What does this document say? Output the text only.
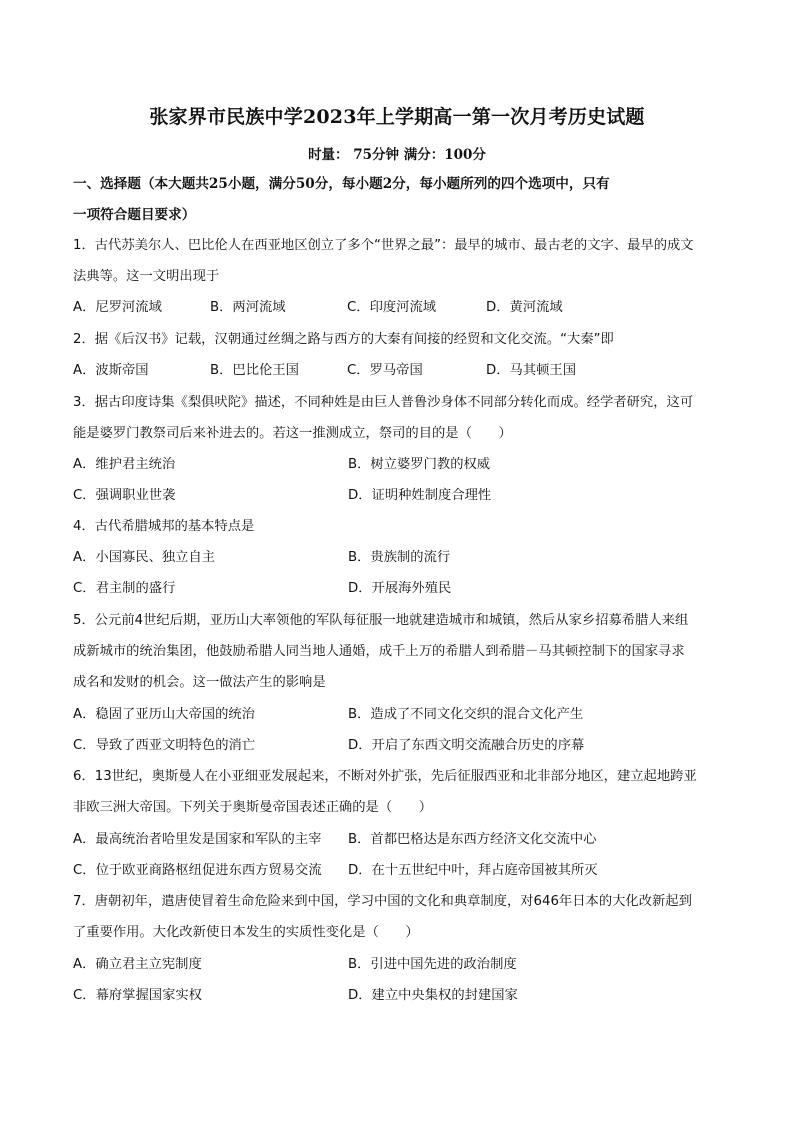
张家界市民族中学2023年上学期高一第一次月考历史试题
时量： 75分钟 满分：100分
一、选择题（本大题共25小题，满分50分，每小题2分，每小题所列的四个选项中，只有
一项符合题目要求）
1．古代苏美尔人、巴比伦人在西亚地区创立了多个“世界之最”：最早的城市、最古老的文字、最早的成文
法典等。这一文明出现于
A．尼罗河流域	B．两河流域	C．印度河流域	D．黄河流域
2．据《后汉书》记载，汉朝通过丝绸之路与西方的大秦有间接的经贸和文化交流。“大秦”即
A．波斯帝国	B．巴比伦王国	C．罗马帝国	D．马其顿王国
3．据古印度诗集《梨俱吠陀》描述，不同种姓是由巨人普鲁沙身体不同部分转化而成。经学者研究，这可
能是婆罗门教祭司后来补进去的。若这一推测成立，祭司的目的是（　　）
A．维护君主统治	B．树立婆罗门教的权威
C．强调职业世袭	D．证明种姓制度合理性
4．古代希腊城邦的基本特点是
A．小国寡民、独立自主	B．贵族制的流行
C．君主制的盛行	D．开展海外殖民
5．公元前4世纪后期，亚历山大率领他的军队每征服一地就建造城市和城镇，然后从家乡招募希腊人来组
成新城市的统治集团，他鼓励希腊人同当地人通婚，成千上万的希腊人到希腊－马其顿控制下的国家寻求
成名和发财的机会。这一做法产生的影响是
A．稳固了亚历山大帝国的统治	B．造成了不同文化交织的混合文化产生
C．导致了西亚文明特色的消亡	D．开启了东西文明交流融合历史的序幕
6．13世纪，奥斯曼人在小亚细亚发展起来，不断对外扩张，先后征服西亚和北非部分地区，建立起地跨亚
非欧三洲大帝国。下列关于奥斯曼帝国表述正确的是（　　）
A．最高统治者哈里发是国家和军队的主宰 B．首都巴格达是东西方经济文化交流中心
C．位于欧亚商路枢纽促进东西方贸易交流 D．在十五世纪中叶，拜占庭帝国被其所灭
7．唐朝初年，遣唐使冒着生命危险来到中国，学习中国的文化和典章制度，对646年日本的大化改新起到
了重要作用。大化改新使日本发生的实质性变化是（　　）
A．确立君主立宪制度	B．引进中国先进的政治制度
C．幕府掌握国家实权	D．建立中央集权的封建国家
